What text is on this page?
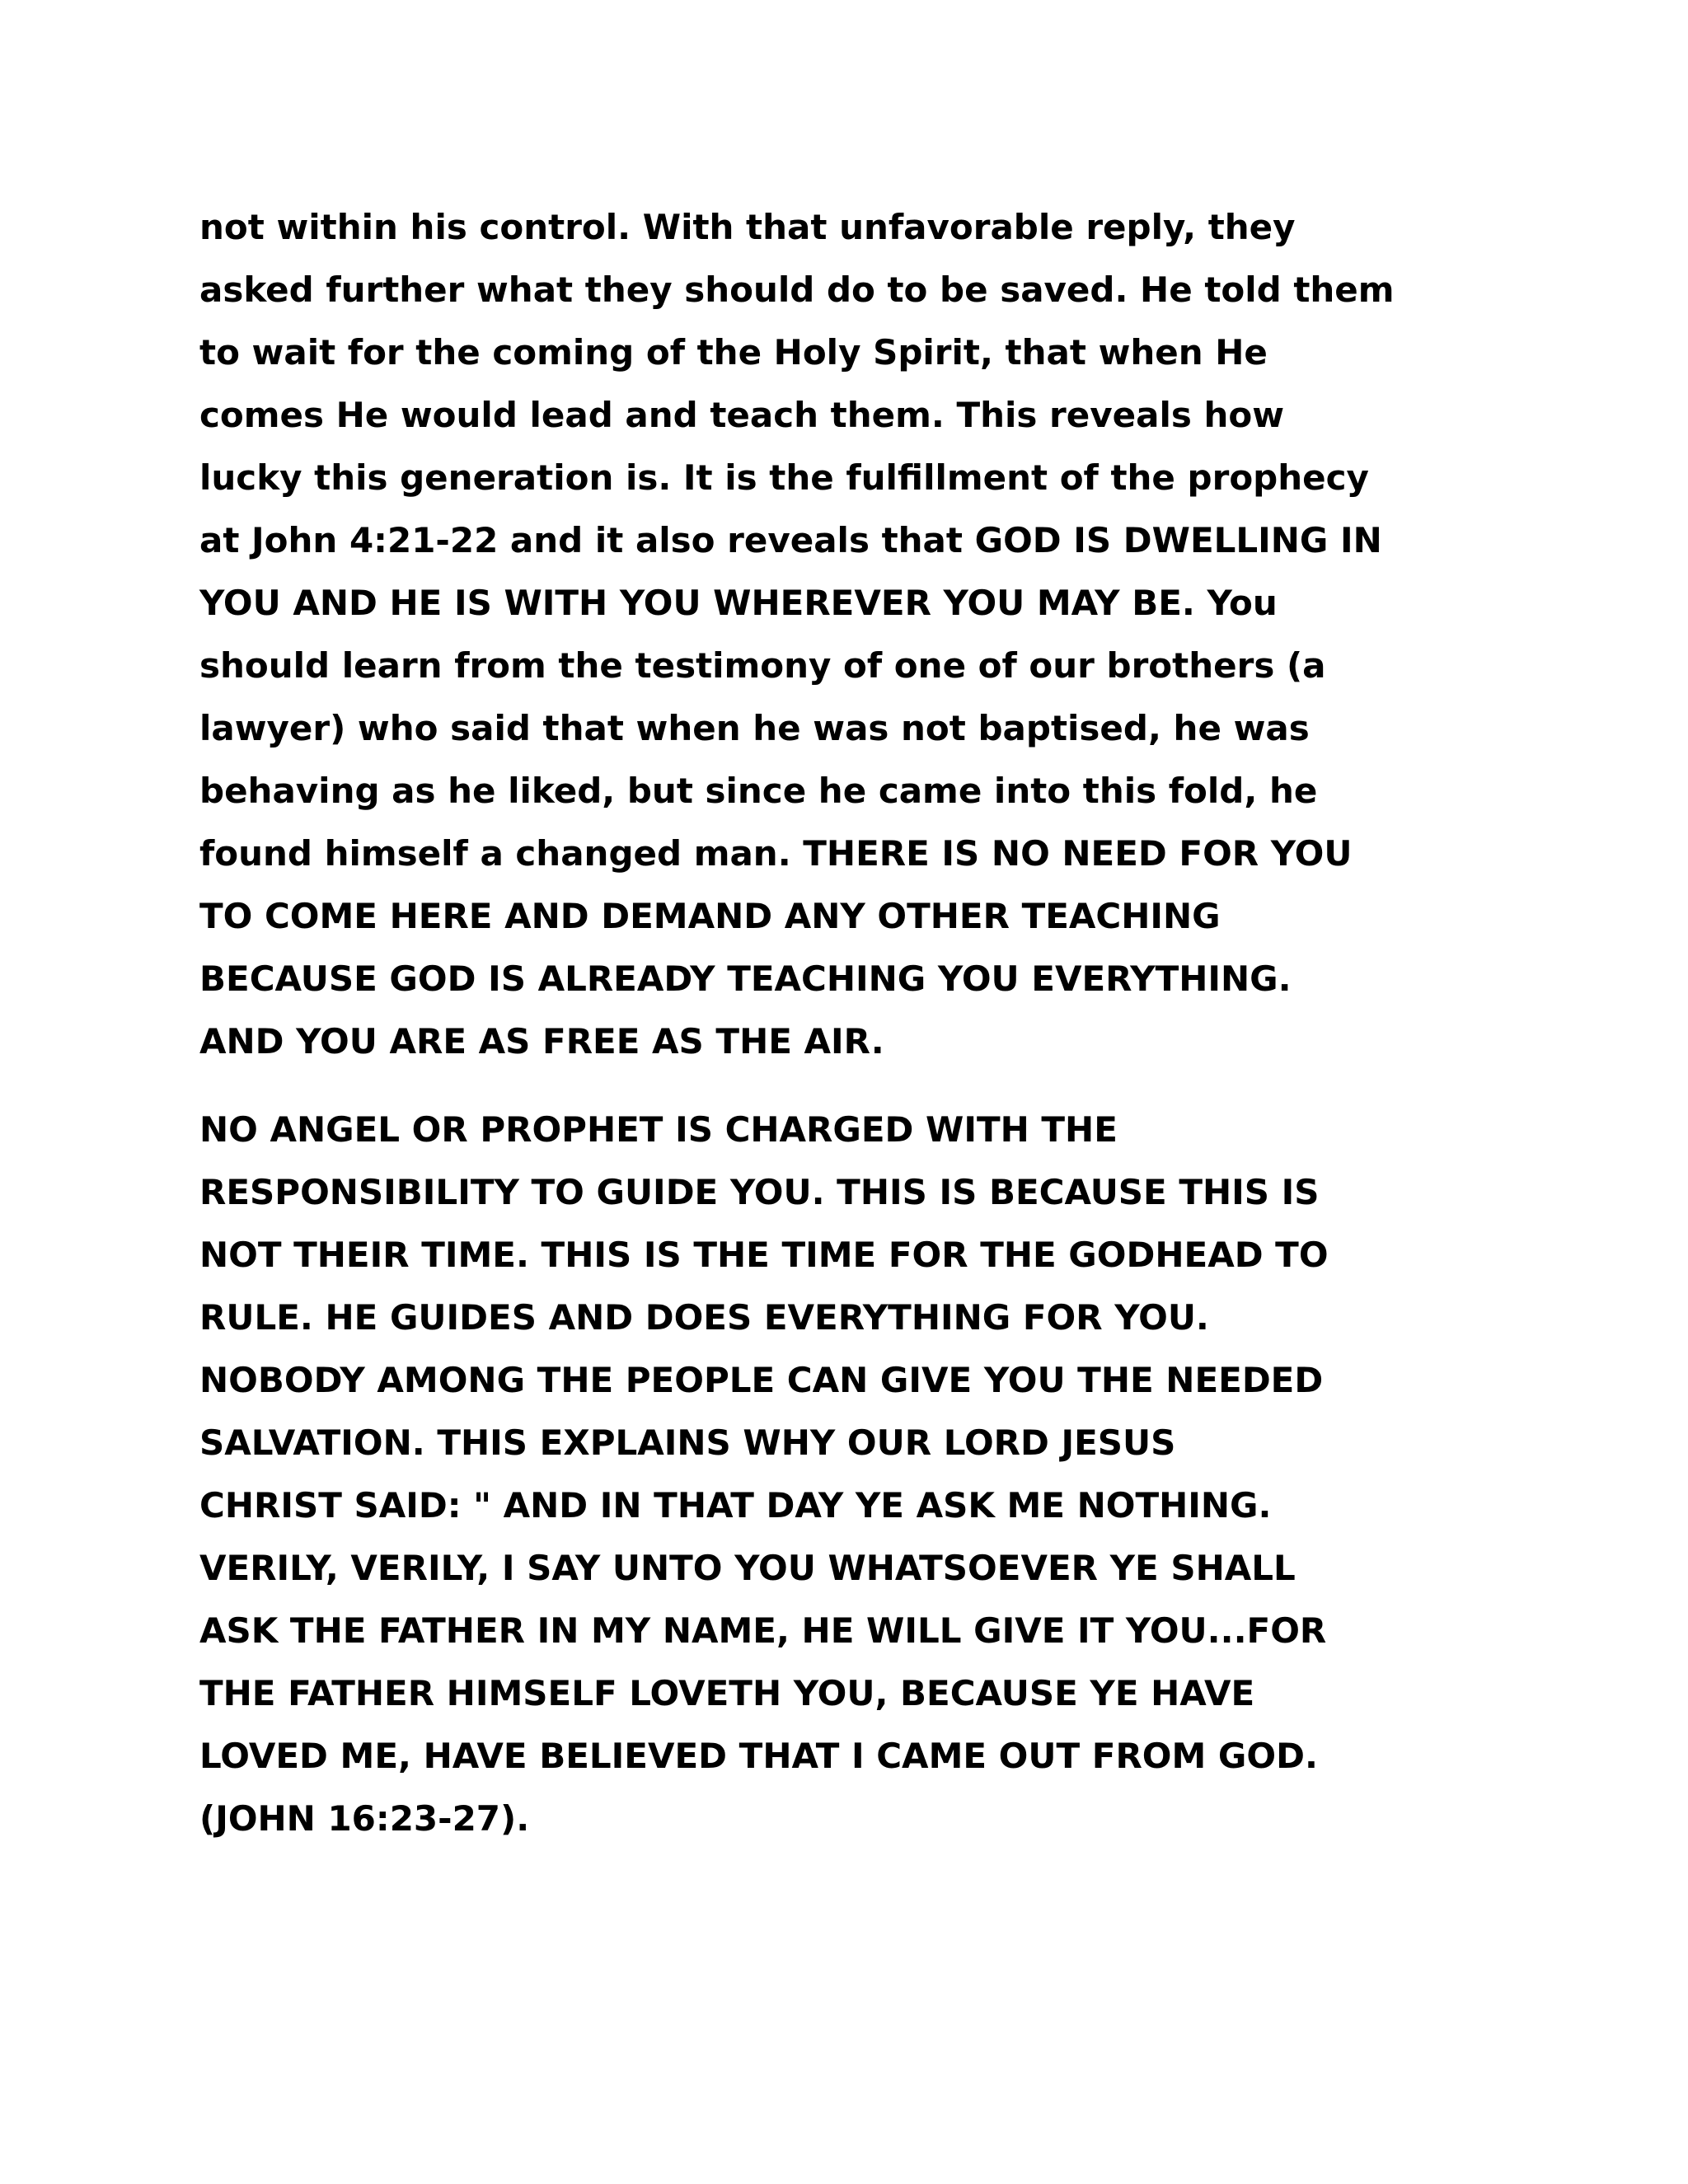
not within his control. With that unfavorable reply, they

asked further what they should do to be saved. He told them

to wait for the coming of the Holy Spirit, that when He

comes He would lead and teach them. This reveals how

lucky this generation is. It is the fulfillment of the prophecy

at John 4:21-22 and it also reveals that GOD IS DWELLING IN

YOU AND HE IS WITH YOU WHEREVER YOU MAY BE. You

should learn from the testimony of one of our brothers (a

lawyer) who said that when he was not baptised, he was

behaving as he liked, but since he came into this fold, he

found himself a changed man. THERE IS NO NEED FOR YOU

TO COME HERE AND DEMAND ANY OTHER TEACHING

BECAUSE GOD IS ALREADY TEACHING YOU EVERYTHING.

AND YOU ARE AS FREE AS THE AIR.

NO ANGEL OR PROPHET IS CHARGED WITH THE

RESPONSIBILITY TO GUIDE YOU. THIS IS BECAUSE THIS IS

NOT THEIR TIME. THIS IS THE TIME FOR THE GODHEAD TO

RULE. HE GUIDES AND DOES EVERYTHING FOR YOU.

NOBODY AMONG THE PEOPLE CAN GIVE YOU THE NEEDED

SALVATION. THIS EXPLAINS WHY OUR LORD JESUS

CHRIST SAID: " AND IN THAT DAY YE ASK ME NOTHING.

VERILY, VERILY, I SAY UNTO YOU WHATSOEVER YE SHALL

ASK THE FATHER IN MY NAME, HE WILL GIVE IT YOU...FOR

THE FATHER HIMSELF LOVETH YOU, BECAUSE YE HAVE

LOVED ME, HAVE BELIEVED THAT I CAME OUT FROM GOD.

(JOHN 16:23-27).
